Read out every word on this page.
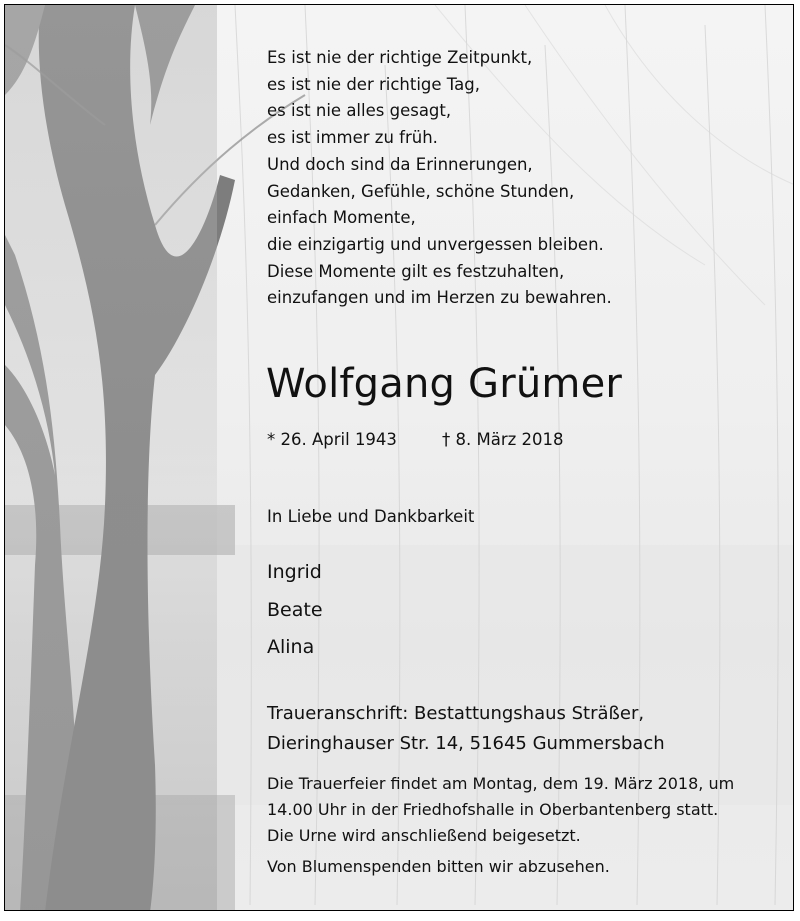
Es ist nie der richtige Zeitpunkt,
es ist nie der richtige Tag,
es ist nie alles gesagt,
es ist immer zu früh.
Und doch sind da Erinnerungen,
Gedanken, Gefühle, schöne Stunden,
einfach Momente,
die einzigartig und unvergessen bleiben.
Diese Momente gilt es festzuhalten,
einzufangen und im Herzen zu bewahren.
Wolfgang Grümer
* 26. April 1943	† 8. März 2018
In Liebe und Dankbarkeit
Ingrid
Beate
Alina
Traueranschrift: Bestattungshaus Sträßer,
Dieringhauser Str. 14, 51645 Gummersbach
Die Trauerfeier findet am Montag, dem 19. März 2018, um
14.00 Uhr in der Friedhofshalle in Oberbantenberg statt.
Die Urne wird anschließend beigesetzt.
Von Blumenspenden bitten wir abzusehen.
